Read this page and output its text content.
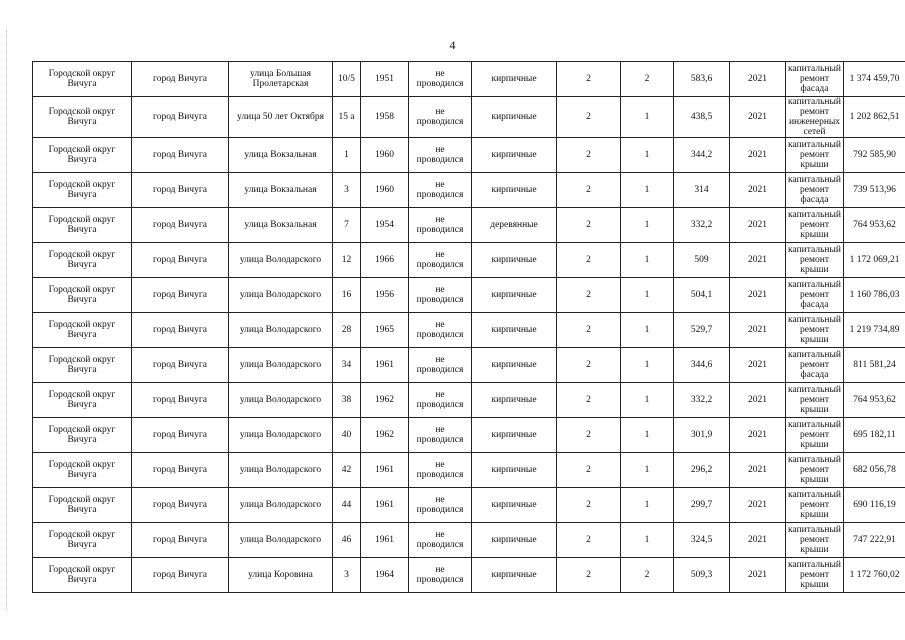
4
Городской округ Вичуга	город Вичуга	улица Большая Пролетарская	10/5	1951	не проводился	кирпичные	2	2	583,6	2021	капитальный ремонт фасада	1 374 459,70
Городской округ Вичуга	город Вичуга	улица 50 лет Октября	15 а	1958	не проводился	кирпичные	2	1	438,5	2021	капитальный ремонт инженерных сетей	1 202 862,51
Городской округ Вичуга	город Вичуга	улица Вокзальная	1	1960	не проводился	кирпичные	2	1	344,2	2021	капитальный ремонт крыши	792 585,90
Городской округ Вичуга	город Вичуга	улица Вокзальная	3	1960	не проводился	кирпичные	2	1	314	2021	капитальный ремонт фасада	739 513,96
Городской округ Вичуга	город Вичуга	улица Вокзальная	7	1954	не проводился	деревянные	2	1	332,2	2021	капитальный ремонт крыши	764 953,62
Городской округ Вичуга	город Вичуга	улица Володарского	12	1966	не проводился	кирпичные	2	1	509	2021	капитальный ремонт крыши	1 172 069,21
Городской округ Вичуга	город Вичуга	улица Володарского	16	1956	не проводился	кирпичные	2	1	504,1	2021	капитальный ремонт фасада	1 160 786,03
Городской округ Вичуга	город Вичуга	улица Володарского	28	1965	не проводился	кирпичные	2	1	529,7	2021	капитальный ремонт крыши	1 219 734,89
Городской округ Вичуга	город Вичуга	улица Володарского	34	1961	не проводился	кирпичные	2	1	344,6	2021	капитальный ремонт фасада	811 581,24
Городской округ Вичуга	город Вичуга	улица Володарского	38	1962	не проводился	кирпичные	2	1	332,2	2021	капитальный ремонт крыши	764 953,62
Городской округ Вичуга	город Вичуга	улица Володарского	40	1962	не проводился	кирпичные	2	1	301,9	2021	капитальный ремонт крыши	695 182,11
Городской округ Вичуга	город Вичуга	улица Володарского	42	1961	не проводился	кирпичные	2	1	296,2	2021	капитальный ремонт крыши	682 056,78
Городской округ Вичуга	город Вичуга	улица Володарского	44	1961	не проводился	кирпичные	2	1	299,7	2021	капитальный ремонт крыши	690 116,19
Городской округ Вичуга	город Вичуга	улица Володарского	46	1961	не проводился	кирпичные	2	1	324,5	2021	капитальный ремонт крыши	747 222,91
Городской округ Вичуга	город Вичуга	улица Коровина	3	1964	не проводился	кирпичные	2	2	509,3	2021	капитальный ремонт крыши	1 172 760,02
